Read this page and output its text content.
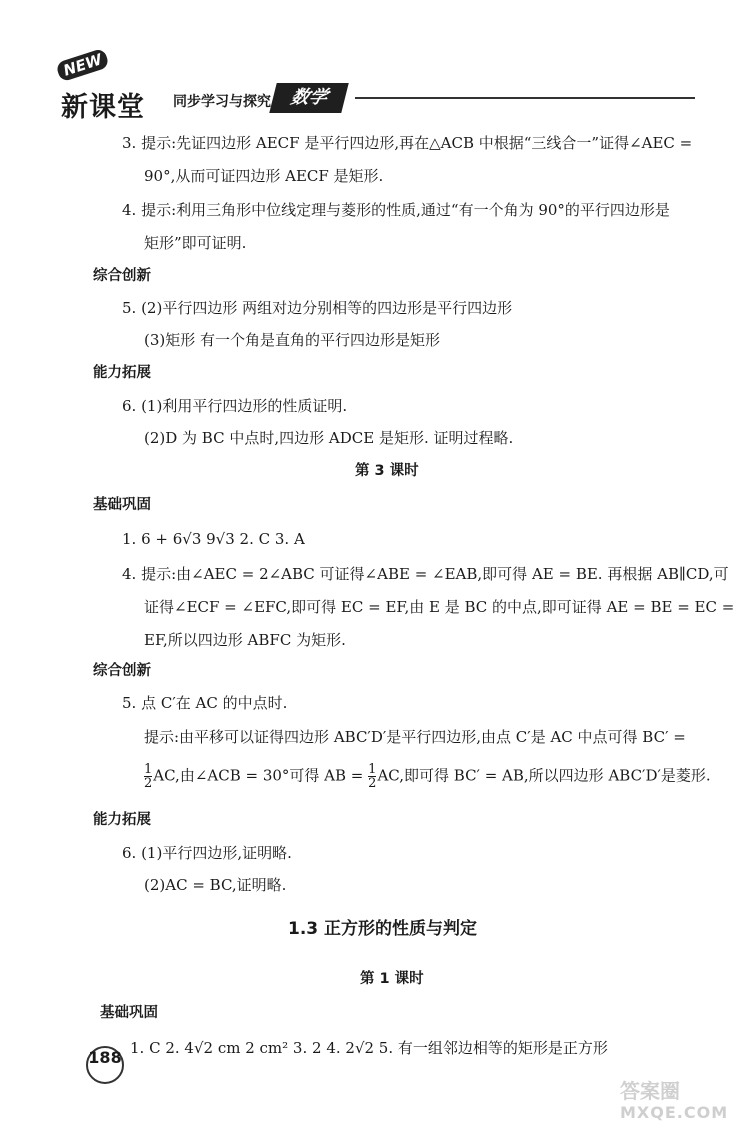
NEW
新课堂 同步学习与探究 数学
3. 提示:先证四边形 AECF 是平行四边形,再在△ACB 中根据“三线合一”证得∠AEC =
90°,从而可证四边形 AECF 是矩形.
4. 提示:利用三角形中位线定理与菱形的性质,通过“有一个角为 90°的平行四边形是
矩形”即可证明.
综合创新
5. (2)平行四边形 两组对边分别相等的四边形是平行四边形
(3)矩形 有一个角是直角的平行四边形是矩形
能力拓展
6. (1)利用平行四边形的性质证明.
(2)D 为 BC 中点时,四边形 ADCE 是矩形. 证明过程略.
第 3 课时
基础巩固
1. 6 + 6√3 9√3 2. C 3. A
4. 提示:由∠AEC = 2∠ABC 可证得∠ABE = ∠EAB,即可得 AE = BE. 再根据 AB∥CD,可
证得∠ECF = ∠EFC,即可得 EC = EF,由 E 是 BC 的中点,即可证得 AE = BE = EC =
EF,所以四边形 ABFC 为矩形.
综合创新
5. 点 C′在 AC 的中点时.
提示:由平移可以证得四边形 ABC′D′是平行四边形,由点 C′是 AC 中点可得 BC′ =
$\frac{1}{2}$ AC,由∠ACB = 30°可得 AB = $\frac{1}{2}$ AC,即可得 BC′ = AB,所以四边形 ABC′D′是菱形.
能力拓展
6. (1)平行四边形,证明略.
(2)AC = BC,证明略.
1.3 正方形的性质与判定
第 1 课时
基础巩固
1. C 2. 4√2 cm 2 cm² 3. 2 4. 2√2 5. 有一组邻边相等的矩形是正方形
188
答案圈
MXQE.COM
